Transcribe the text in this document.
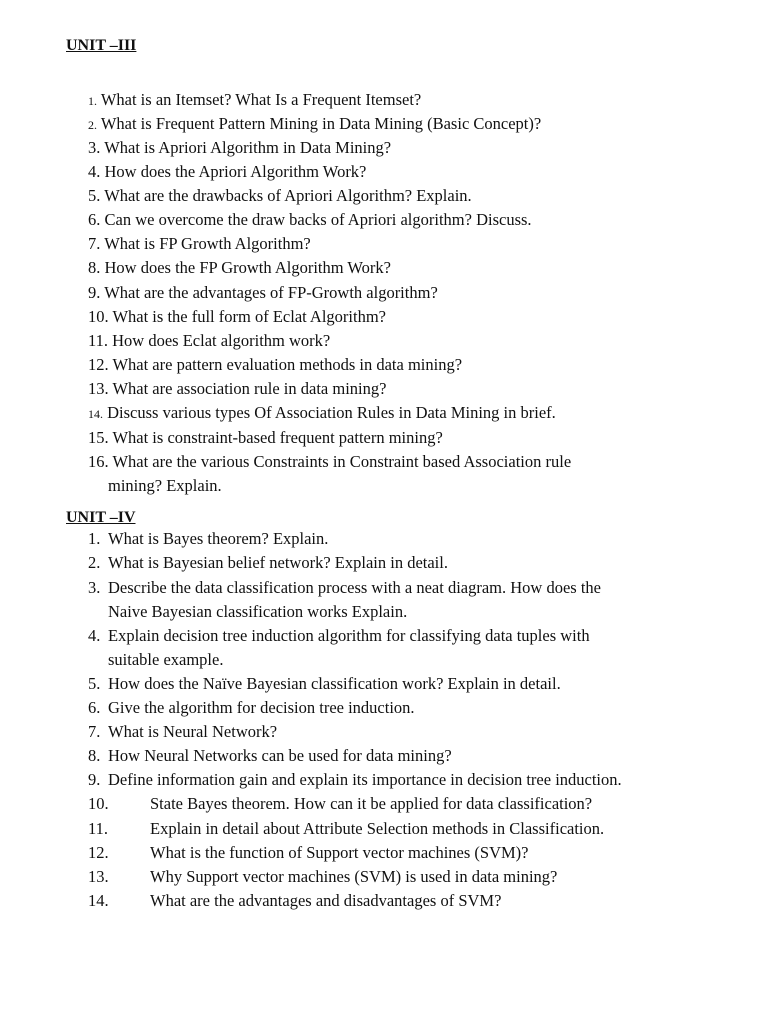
UNIT –III
1. What is an Itemset? What Is a Frequent Itemset?
2. What is Frequent Pattern Mining in Data Mining (Basic Concept)?
3. What is Apriori Algorithm in Data Mining?
4. How does the Apriori Algorithm Work?
5. What are the drawbacks of Apriori Algorithm? Explain.
6. Can we overcome the draw backs of Apriori algorithm? Discuss.
7. What is FP Growth Algorithm?
8. How does the FP Growth Algorithm Work?
9. What are the advantages of FP-Growth algorithm?
10. What is the full form of Eclat Algorithm?
11. How does Eclat algorithm work?
12. What are pattern evaluation methods in data mining?
13. What are association rule in data mining?
14. Discuss various types Of Association Rules in Data Mining in brief.
15. What is constraint-based frequent pattern mining?
16. What are the various Constraints in Constraint based Association rule
mining? Explain.
UNIT –IV
1. What is Bayes theorem? Explain.
2. What is Bayesian belief network? Explain in detail.
3. Describe the data classification process with a neat diagram. How does the
Naive Bayesian classification works Explain.
4. Explain decision tree induction algorithm for classifying data tuples with
suitable example.
5. How does the Naïve Bayesian classification work? Explain in detail.
6. Give the algorithm for decision tree induction.
7. What is Neural Network?
8. How Neural Networks can be used for data mining?
9. Define information gain and explain its importance in decision tree induction.
10.	State Bayes theorem. How can it be applied for data classification?
11.	Explain in detail about Attribute Selection methods in Classification.
12.	What is the function of Support vector machines (SVM)?
13.	Why Support vector machines (SVM) is used in data mining?
14.	What are the advantages and disadvantages of SVM?
